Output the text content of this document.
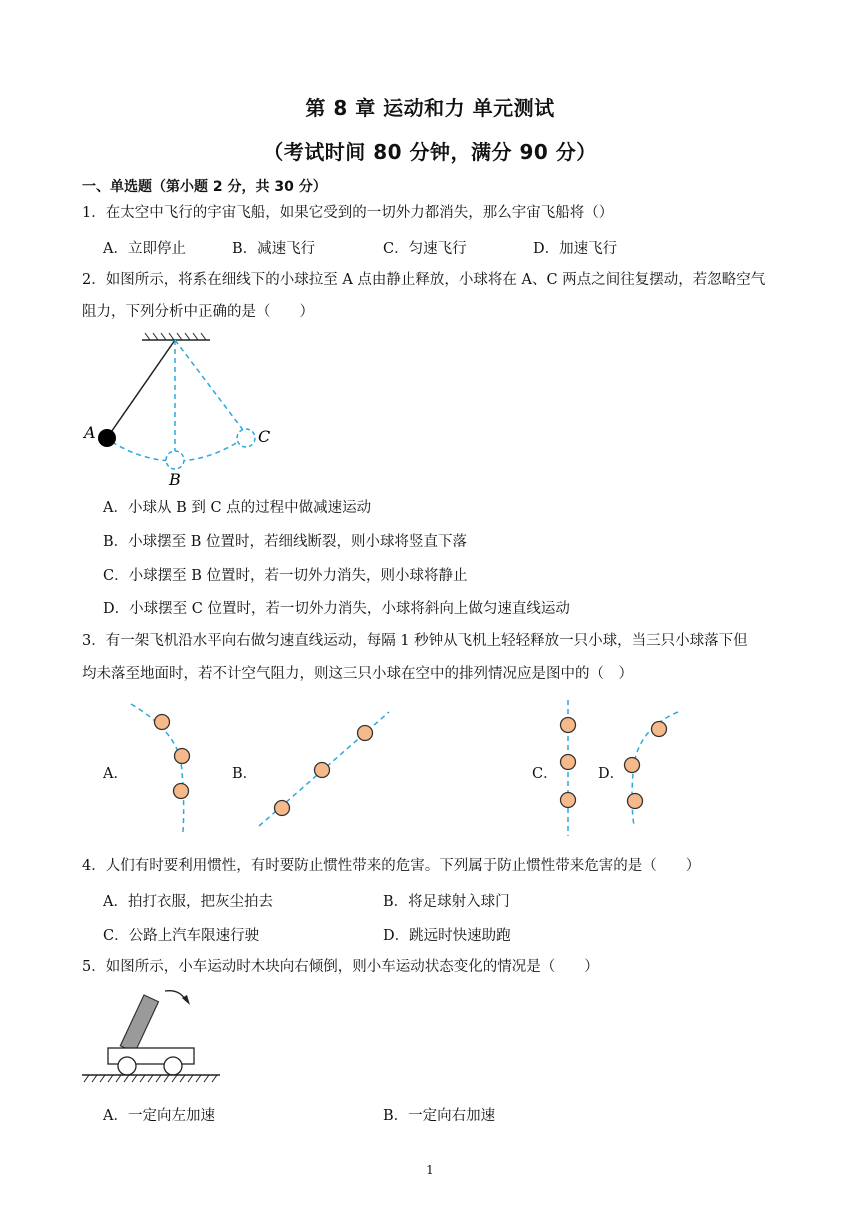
第 8 章 运动和力 单元测试
（考试时间 80 分钟，满分 90 分）
一、单选题（第小题 2 分，共 30 分）
1．在太空中飞行的宇宙飞船，如果它受到的一切外力都消失，那么宇宙飞船将（）
A．立即停止	B．减速飞行	C．匀速飞行	D．加速飞行
2．如图所示，将系在细线下的小球拉至 A 点由静止释放，小球将在 A、C 两点之间往复摆动，若忽略空气
阻力，下列分析中正确的是（　　）
A
B
C
A．小球从 B 到 C 点的过程中做减速运动
B．小球摆至 B 位置时，若细线断裂，则小球将竖直下落
C．小球摆至 B 位置时，若一切外力消失，则小球将静止
D．小球摆至 C 位置时，若一切外力消失，小球将斜向上做匀速直线运动
3．有一架飞机沿水平向右做匀速直线运动，每隔 1 秒钟从飞机上轻轻释放一只小球，当三只小球落下但
均未落至地面时，若不计空气阻力，则这三只小球在空中的排列情况应是图中的（　）
A．	B．	C．	D．
4．人们有时要利用惯性，有时要防止惯性带来的危害。下列属于防止惯性带来危害的是（　　）
A．拍打衣服，把灰尘拍去	B．将足球射入球门
C．公路上汽车限速行驶	D．跳远时快速助跑
5．如图所示，小车运动时木块向右倾倒，则小车运动状态变化的情况是（　　）
A．一定向左加速	B．一定向右加速
1
